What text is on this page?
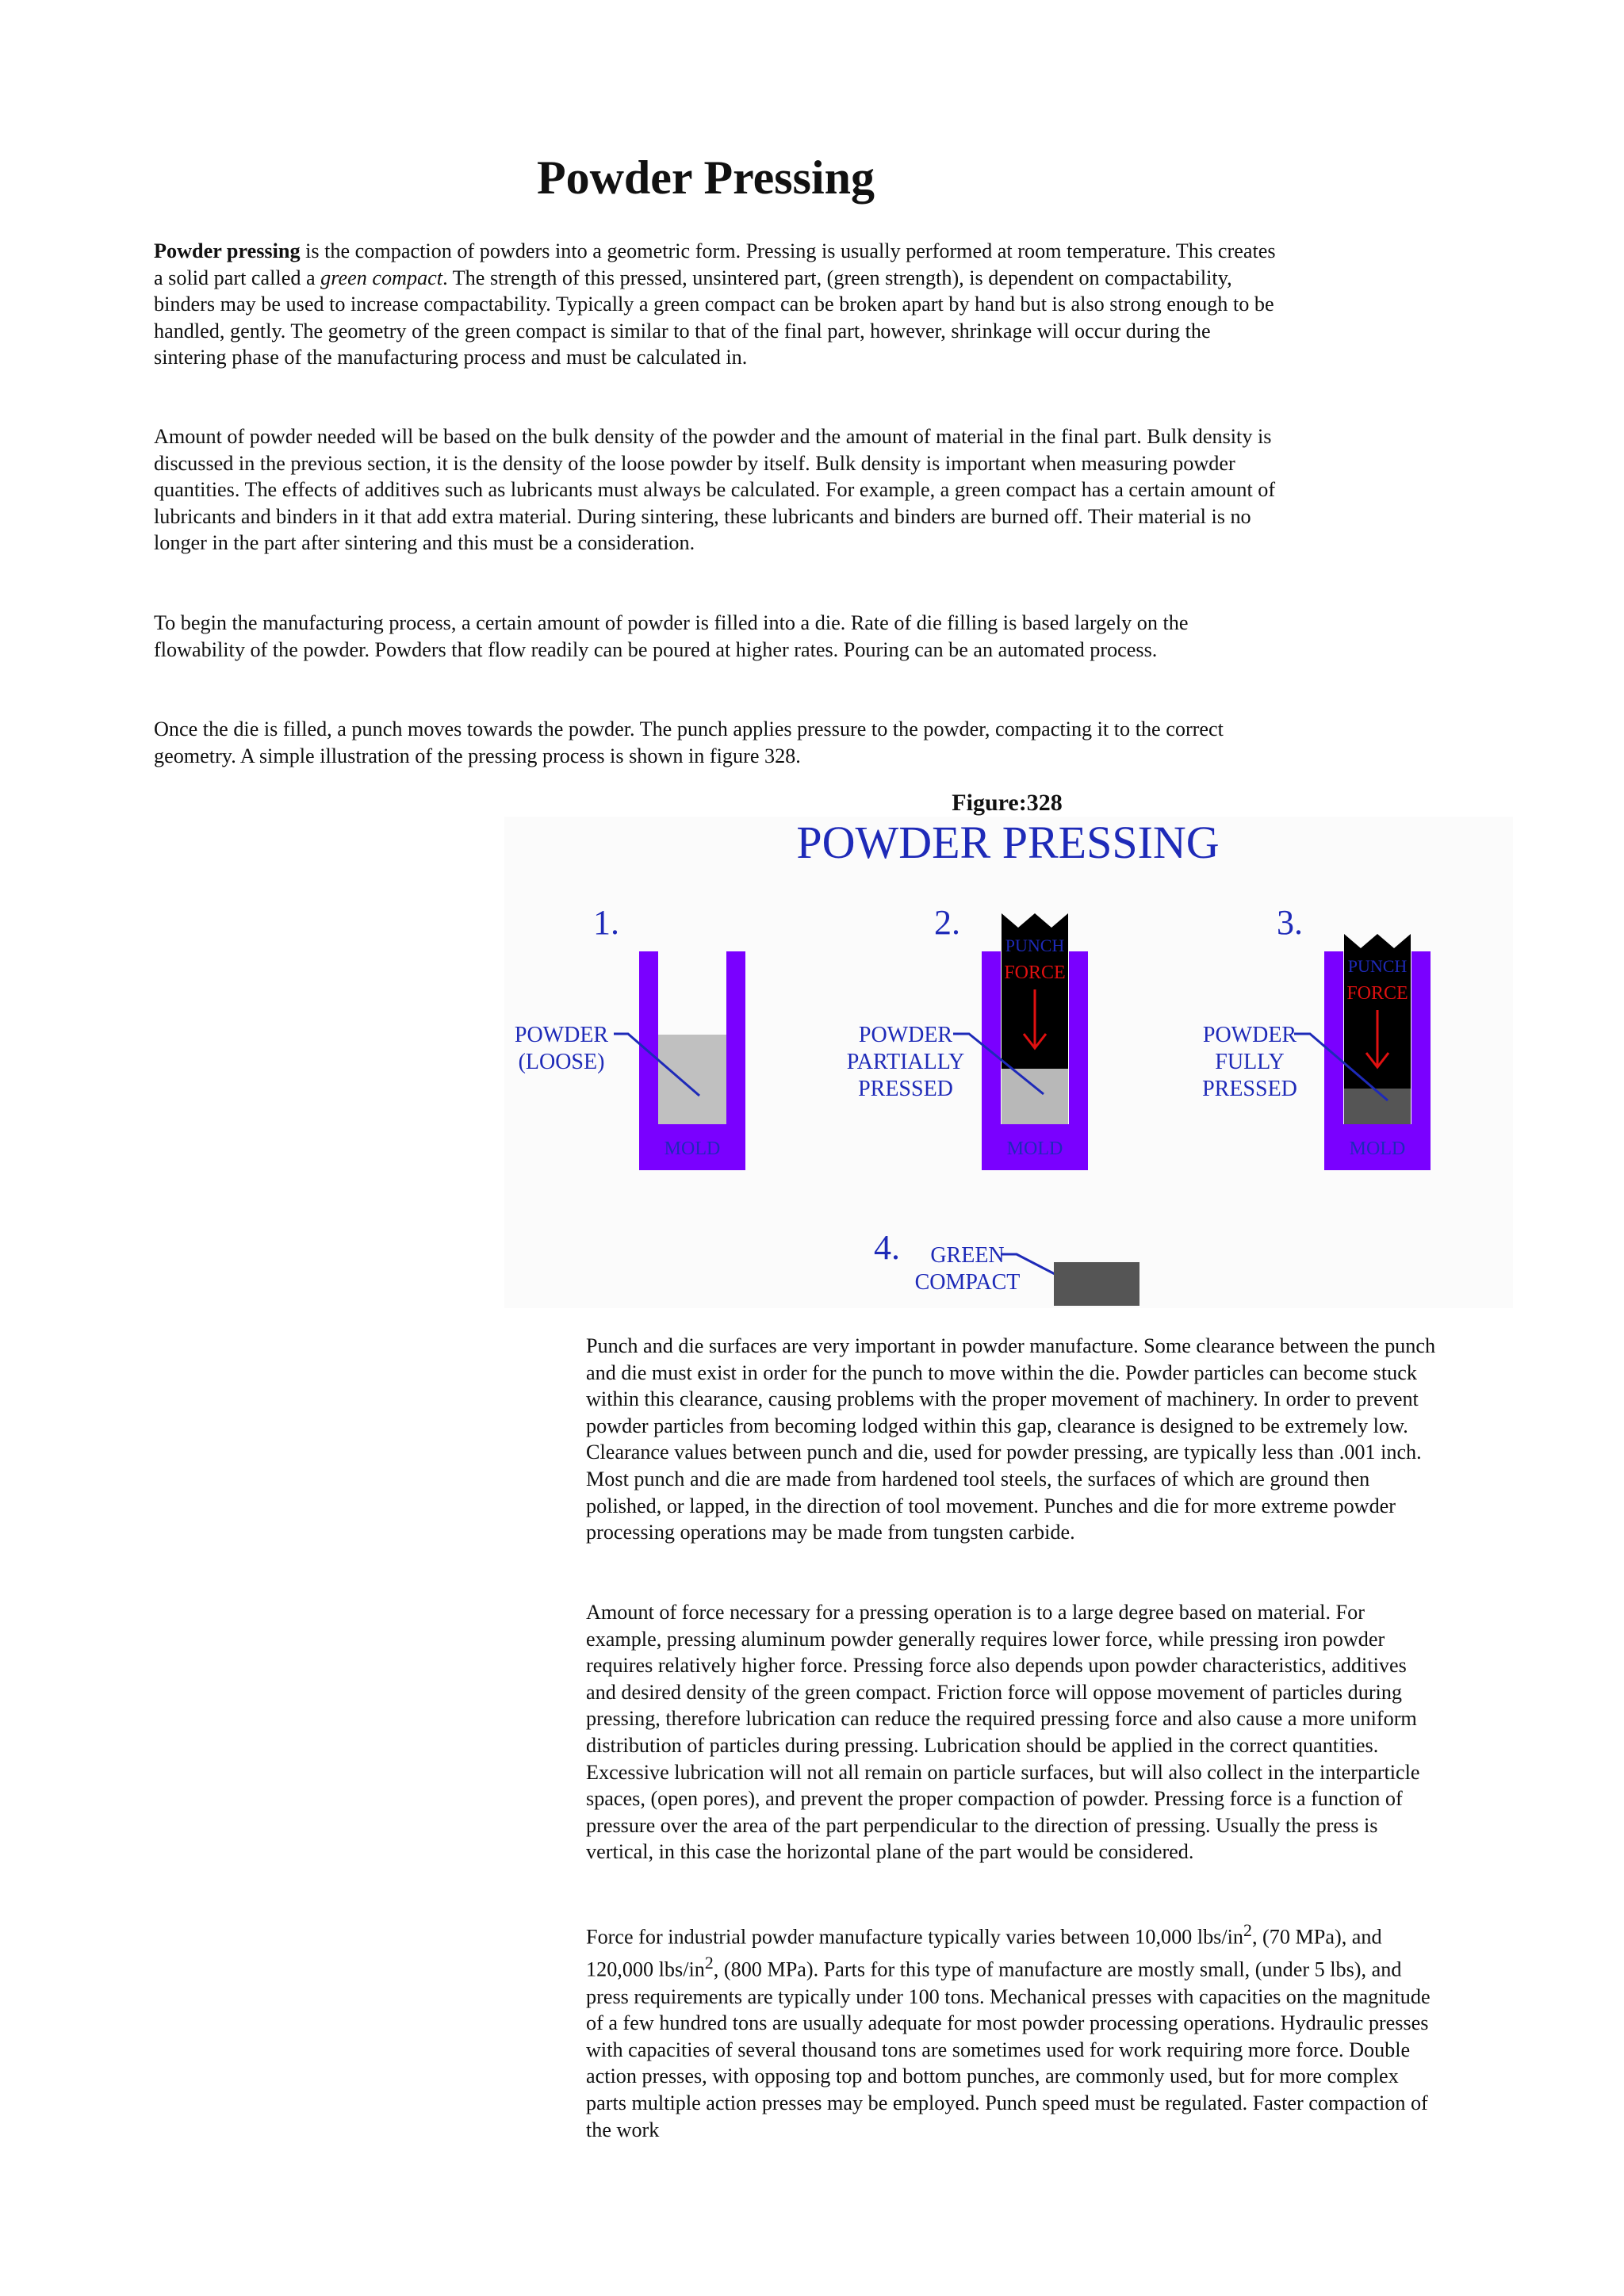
Powder Pressing

Powder pressing is the compaction of powders into a geometric form. Pressing is usually performed at room temperature. This creates a solid part called a green compact. The strength of this pressed, unsintered part, (green strength), is dependent on compactability, binders may be used to increase compactability. Typically a green compact can be broken apart by hand but is also strong enough to be handled, gently. The geometry of the green compact is similar to that of the final part, however, shrinkage will occur during the sintering phase of the manufacturing process and must be calculated in.

Amount of powder needed will be based on the bulk density of the powder and the amount of material in the final part. Bulk density is discussed in the previous section, it is the density of the loose powder by itself. Bulk density is important when measuring powder quantities. The effects of additives such as lubricants must always be calculated. For example, a green compact has a certain amount of lubricants and binders in it that add extra material. During sintering, these lubricants and binders are burned off. Their material is no longer in the part after sintering and this must be a consideration.

To begin the manufacturing process, a certain amount of powder is filled into a die. Rate of die filling is based largely on the flowability of the powder. Powders that flow readily can be poured at higher rates. Pouring can be an automated process.

Once the die is filled, a punch moves towards the powder. The punch applies pressure to the powder, compacting it to the correct geometry. A simple illustration of the pressing process is shown in figure 328.

Figure:328
POWDER PRESSING
1.
MOLD
POWDER
(LOOSE)
2.
PUNCH
FORCE
MOLD
POWDER
PARTIALLY
PRESSED
3.
PUNCH
FORCE
MOLD
POWDER
FULLY
PRESSED
4. GREEN
COMPACT

Punch and die surfaces are very important in powder manufacture. Some clearance between the punch and die must exist in order for the punch to move within the die. Powder particles can become stuck within this clearance, causing problems with the proper movement of machinery. In order to prevent powder particles from becoming lodged within this gap, clearance is designed to be extremely low. Clearance values between punch and die, used for powder pressing, are typically less than .001 inch. Most punch and die are made from hardened tool steels, the surfaces of which are ground then polished, or lapped, in the direction of tool movement. Punches and die for more extreme powder processing operations may be made from tungsten carbide.

Amount of force necessary for a pressing operation is to a large degree based on material. For example, pressing aluminum powder generally requires lower force, while pressing iron powder requires relatively higher force. Pressing force also depends upon powder characteristics, additives and desired density of the green compact. Friction force will oppose movement of particles during pressing, therefore lubrication can reduce the required pressing force and also cause a more uniform distribution of particles during pressing. Lubrication should be applied in the correct quantities. Excessive lubrication will not all remain on particle surfaces, but will also collect in the interparticle spaces, (open pores), and prevent the proper compaction of powder. Pressing force is a function of pressure over the area of the part perpendicular to the direction of pressing. Usually the press is vertical, in this case the horizontal plane of the part would be considered.

Force for industrial powder manufacture typically varies between 10,000 lbs/$in^2$, (70 MPa), and 120,000 lbs/$in^2$, (800 MPa). Parts for this type of manufacture are mostly small, (under 5 lbs), and press requirements are typically under 100 tons. Mechanical presses with capacities on the magnitude of a few hundred tons are usually adequate for most powder processing operations. Hydraulic presses with capacities of several thousand tons are sometimes used for work requiring more force. Double action presses, with opposing top and bottom punches, are commonly used, but for more complex parts multiple action presses may be employed. Punch speed must be regulated. Faster compaction of the work
